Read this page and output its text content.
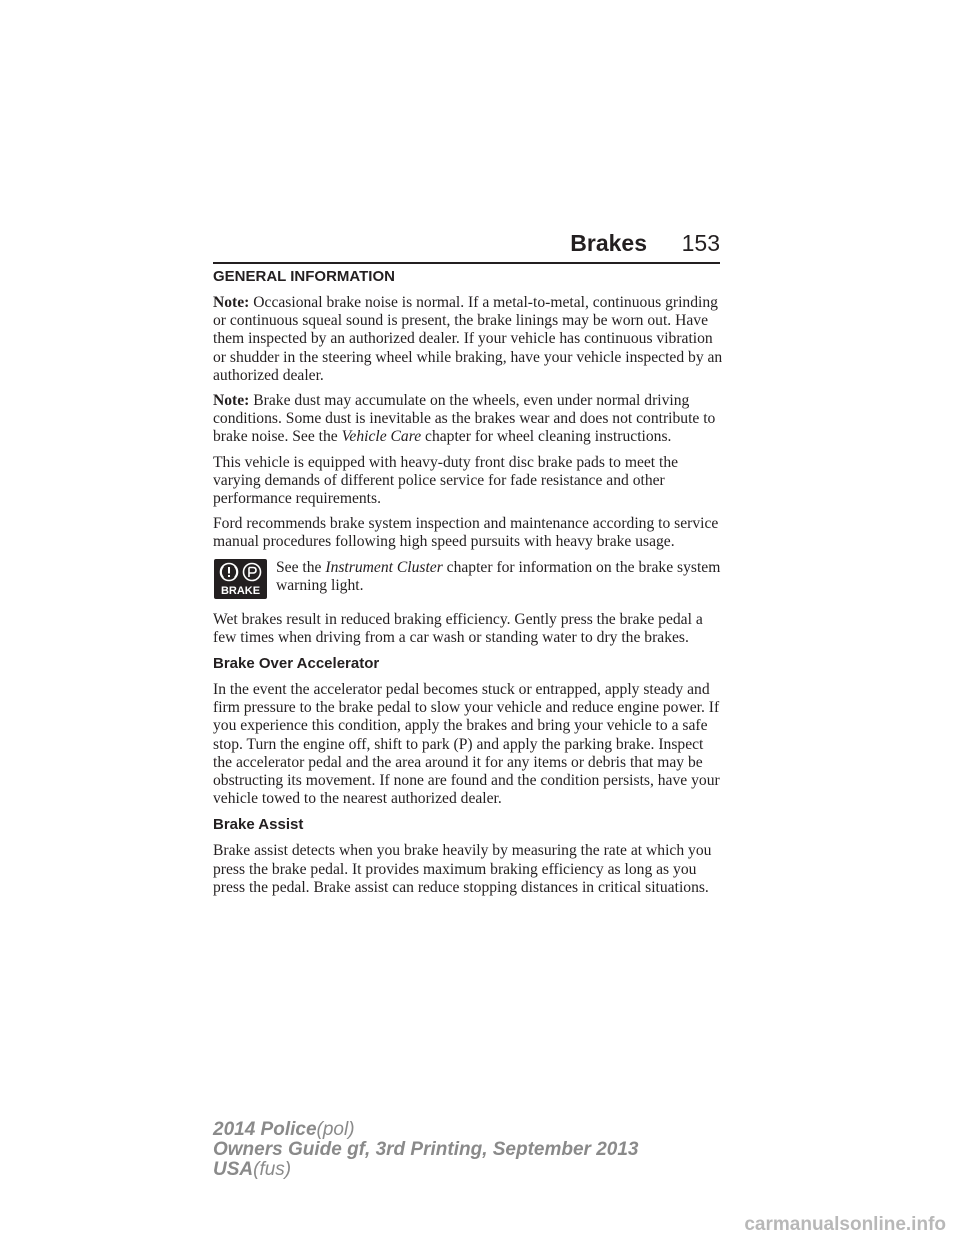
Brakes 153
GENERAL INFORMATION

Note: Occasional brake noise is normal. If a metal-to-metal, continuous grinding or continuous squeal sound is present, the brake linings may be worn out. Have them inspected by an authorized dealer. If your vehicle has continuous vibration or shudder in the steering wheel while braking, have your vehicle inspected by an authorized dealer.

Note: Brake dust may accumulate on the wheels, even under normal driving conditions. Some dust is inevitable as the brakes wear and does not contribute to brake noise. See the Vehicle Care chapter for wheel cleaning instructions.

This vehicle is equipped with heavy-duty front disc brake pads to meet the varying demands of different police service for fade resistance and other performance requirements.

Ford recommends brake system inspection and maintenance according to service manual procedures following high speed pursuits with heavy brake usage.

BRAKE
See the Instrument Cluster chapter for information on the brake system warning light.

Wet brakes result in reduced braking efficiency. Gently press the brake pedal a few times when driving from a car wash or standing water to dry the brakes.

Brake Over Accelerator

In the event the accelerator pedal becomes stuck or entrapped, apply steady and firm pressure to the brake pedal to slow your vehicle and reduce engine power. If you experience this condition, apply the brakes and bring your vehicle to a safe stop. Turn the engine off, shift to park (P) and apply the parking brake. Inspect the accelerator pedal and the area around it for any items or debris that may be obstructing its movement. If none are found and the condition persists, have your vehicle towed to the nearest authorized dealer.

Brake Assist

Brake assist detects when you brake heavily by measuring the rate at which you press the brake pedal. It provides maximum braking efficiency as long as you press the pedal. Brake assist can reduce stopping distances in critical situations.

2014 Police(pol)
Owners Guide gf, 3rd Printing, September 2013
USA(fus)
carmanualsonline.info
